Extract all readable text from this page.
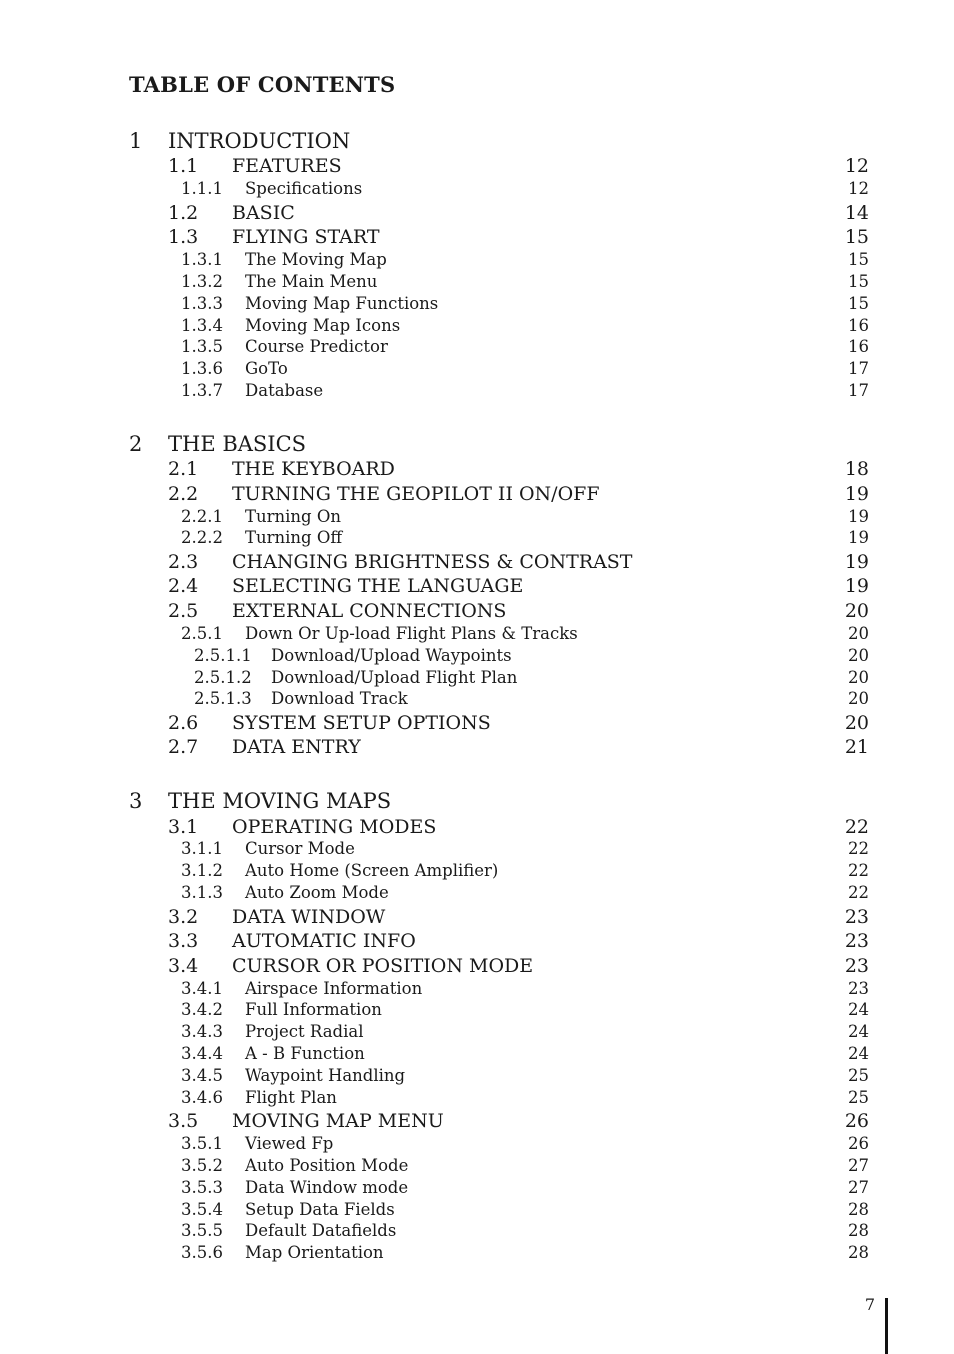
TABLE OF CONTENTS
1 INTRODUCTION
1.1 FEATURES	12
1.1.1 Specifications	12
1.2 BASIC	14
1.3 FLYING START	15
1.3.1 The Moving Map	15
1.3.2 The Main Menu	15
1.3.3 Moving Map Functions	15
1.3.4 Moving Map Icons	16
1.3.5 Course Predictor	16
1.3.6 GoTo	17
1.3.7 Database	17
2 THE BASICS
2.1 THE KEYBOARD	18
2.2 TURNING THE GEOPILOT II ON/OFF	19
2.2.1 Turning On	19
2.2.2 Turning Off	19
2.3 CHANGING BRIGHTNESS & CONTRAST	19
2.4 SELECTING THE LANGUAGE	19
2.5 EXTERNAL CONNECTIONS	20
2.5.1 Down Or Up-load Flight Plans & Tracks	20
2.5.1.1 Download/Upload Waypoints	20
2.5.1.2 Download/Upload Flight Plan	20
2.5.1.3 Download Track	20
2.6 SYSTEM SETUP OPTIONS	20
2.7 DATA ENTRY	21
3 THE MOVING MAPS
3.1 OPERATING MODES	22
3.1.1 Cursor Mode	22
3.1.2 Auto Home (Screen Amplifier)	22
3.1.3 Auto Zoom Mode	22
3.2 DATA WINDOW	23
3.3 AUTOMATIC INFO	23
3.4 CURSOR OR POSITION MODE	23
3.4.1 Airspace Information	23
3.4.2 Full Information	24
3.4.3 Project Radial	24
3.4.4 A - B Function	24
3.4.5 Waypoint Handling	25
3.4.6 Flight Plan	25
3.5 MOVING MAP MENU	26
3.5.1 Viewed Fp	26
3.5.2 Auto Position Mode	27
3.5.3 Data Window mode	27
3.5.4 Setup Data Fields	28
3.5.5 Default Datafields	28
3.5.6 Map Orientation	28
7
